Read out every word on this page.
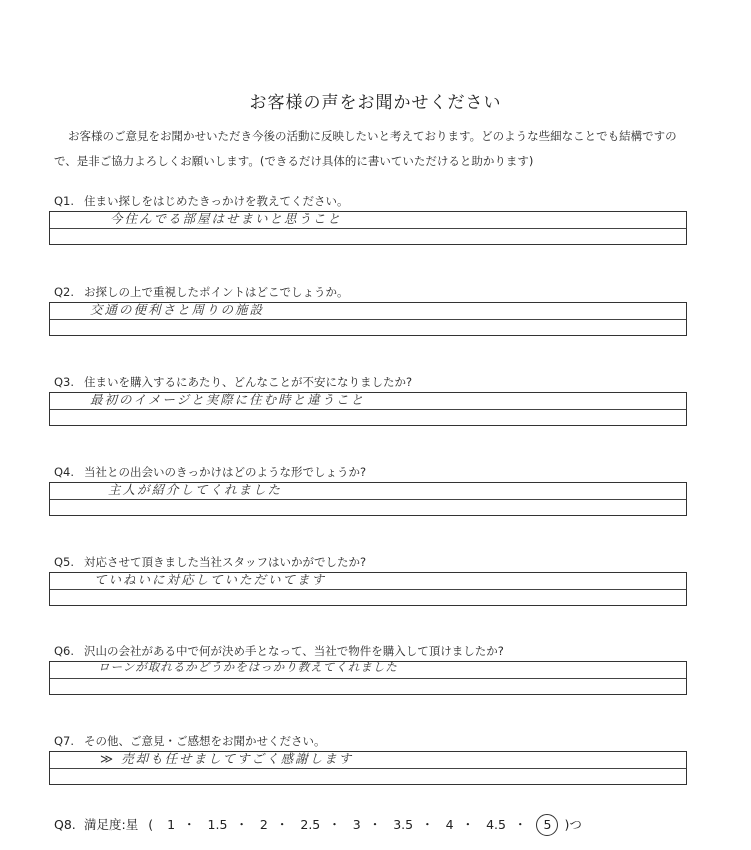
お客様の声をお聞かせください
お客様のご意見をお聞かせいただき今後の活動に反映したいと考えております。どのような些細なことでも結構ですので、是非ご協力よろしくお願いします。(できるだけ具体的に書いていただけると助かります)
Q1. 住まい探しをはじめたきっかけを教えてください。
今住んでる部屋はせまいと思うこと
Q2. お探しの上で重視したポイントはどこでしょうか。
交通の便利さと周りの施設
Q3. 住まいを購入するにあたり、どんなことが不安になりましたか?
最初のイメージと実際に住む時と違うこと
Q4. 当社との出会いのきっかけはどのような形でしょうか?
主人が紹介してくれました
Q5. 対応させて頂きました当社スタッフはいかがでしたか?
ていねいに対応していただいてます
Q6. 沢山の会社がある中で何が決め手となって、当社で物件を購入して頂けましたか?
ローンが取れるかどうかをはっかり教えてくれました
Q7. その他、ご意見・ご感想をお聞かせください。
≫ 売却も任せましてすごく感謝します
Q8. 満足度:星 ( 1 ・ 1.5 ・ 2 ・ 2.5 ・ 3 ・ 3.5 ・ 4 ・ 4.5 ・ 5 )つ
